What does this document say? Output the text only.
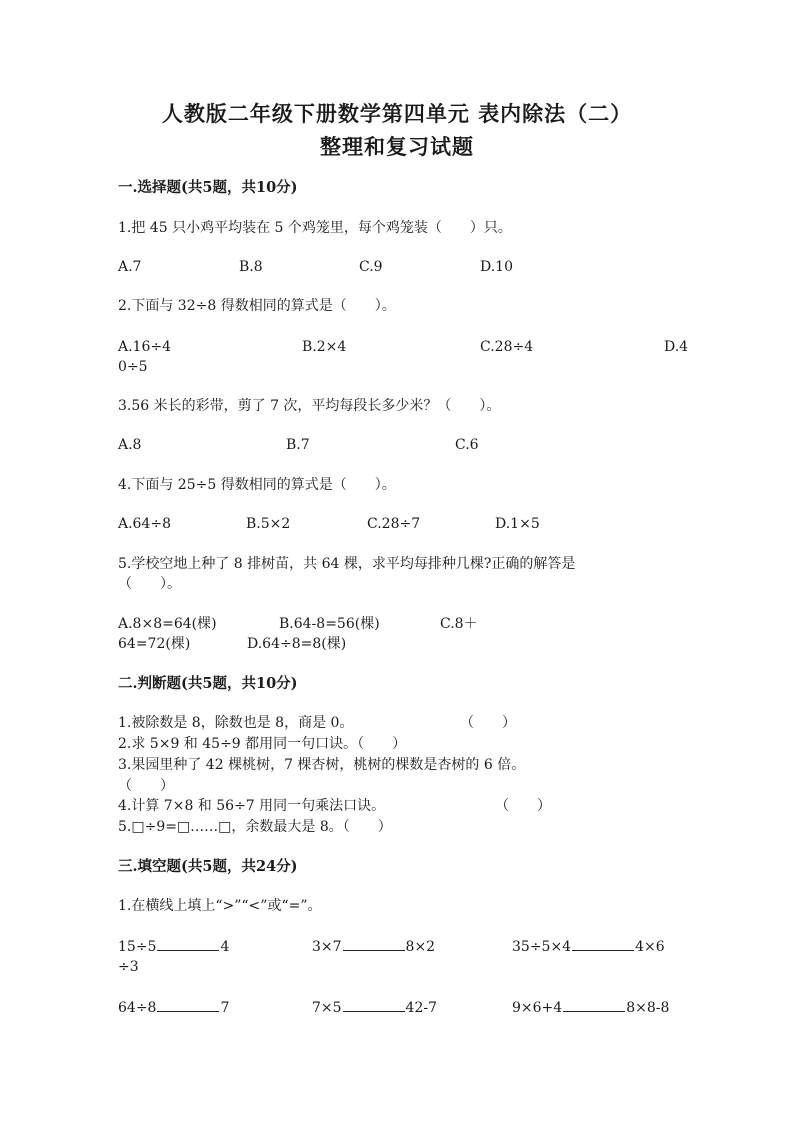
人教版二年级下册数学第四单元 表内除法（二）
整理和复习试题
一.选择题(共5题，共10分)
1.把 45 只小鸡平均装在 5 个鸡笼里，每个鸡笼装（　　）只。
A.7	B.8	C.9	D.10
2.下面与 32÷8 得数相同的算式是（　　）。
A.16÷4	B.2×4	C.28÷4	D.4
0÷5
3.56 米长的彩带，剪了 7 次，平均每段长多少米？（　　）。
A.8	B.7	C.6
4.下面与 25÷5 得数相同的算式是（　　）。
A.64÷8	B.5×2	C.28÷7	D.1×5
5.学校空地上种了 8 排树苗，共 64 棵，求平均每排种几棵?正确的解答是
（　　）。
A.8×8=64(棵)	B.64-8=56(棵)	C.8＋
64=72(棵)	D.64÷8=8(棵)
二.判断题(共5题，共10分)
1.被除数是 8，除数也是 8，商是 0。	（　　）
2.求 5×9 和 45÷9 都用同一句口诀。（　　）
3.果园里种了 42 棵桃树，7 棵杏树，桃树的棵数是杏树的 6 倍。
（　　）
4.计算 7×8 和 56÷7 用同一句乘法口诀。	（　　）
5.□÷9=□……□，余数最大是 8。（　　）
三.填空题(共5题，共24分)
1.在横线上填上“>”“<”或“=”。
15÷5	4	3×7	8×2	35÷5×4	4×6
÷3
64÷8	7	7×5	42-7	9×6+4	8×8-8
